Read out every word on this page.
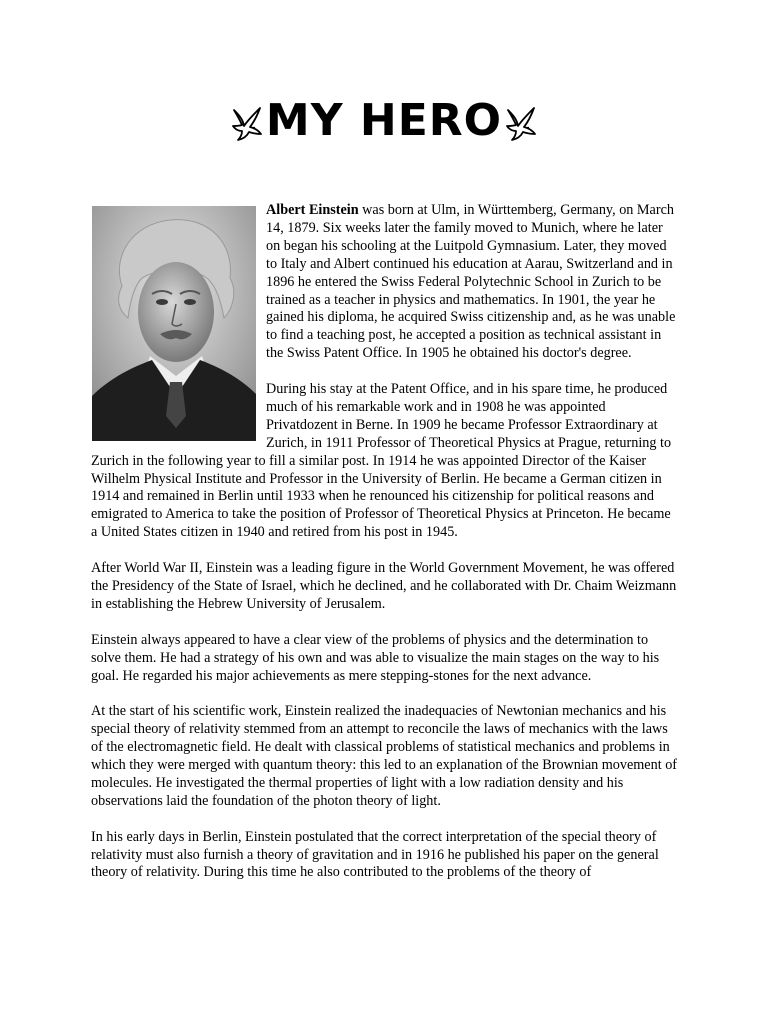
MY HERO

Albert Einstein was born at Ulm, in Württemberg, Germany, on March 14, 1879. Six weeks later the family moved to Munich, where he later on began his schooling at the Luitpold Gymnasium. Later, they moved to Italy and Albert continued his education at Aarau, Switzerland and in 1896 he entered the Swiss Federal Polytechnic School in Zurich to be trained as a teacher in physics and mathematics. In 1901, the year he gained his diploma, he acquired Swiss citizenship and, as he was unable to find a teaching post, he accepted a position as technical assistant in the Swiss Patent Office. In 1905 he obtained his doctor's degree.

During his stay at the Patent Office, and in his spare time, he produced much of his remarkable work and in 1908 he was appointed Privatdozent in Berne. In 1909 he became Professor Extraordinary at Zurich, in 1911 Professor of Theoretical Physics at Prague, returning to Zurich in the following year to fill a similar post. In 1914 he was appointed Director of the Kaiser Wilhelm Physical Institute and Professor in the University of Berlin. He became a German citizen in 1914 and remained in Berlin until 1933 when he renounced his citizenship for political reasons and emigrated to America to take the position of Professor of Theoretical Physics at Princeton. He became a United States citizen in 1940 and retired from his post in 1945.

After World War II, Einstein was a leading figure in the World Government Movement, he was offered the Presidency of the State of Israel, which he declined, and he collaborated with Dr. Chaim Weizmann in establishing the Hebrew University of Jerusalem.

Einstein always appeared to have a clear view of the problems of physics and the determination to solve them. He had a strategy of his own and was able to visualize the main stages on the way to his goal. He regarded his major achievements as mere stepping-stones for the next advance.

At the start of his scientific work, Einstein realized the inadequacies of Newtonian mechanics and his special theory of relativity stemmed from an attempt to reconcile the laws of mechanics with the laws of the electromagnetic field. He dealt with classical problems of statistical mechanics and problems in which they were merged with quantum theory: this led to an explanation of the Brownian movement of molecules. He investigated the thermal properties of light with a low radiation density and his observations laid the foundation of the photon theory of light.

In his early days in Berlin, Einstein postulated that the correct interpretation of the special theory of relativity must also furnish a theory of gravitation and in 1916 he published his paper on the general theory of relativity. During this time he also contributed to the problems of the theory of
